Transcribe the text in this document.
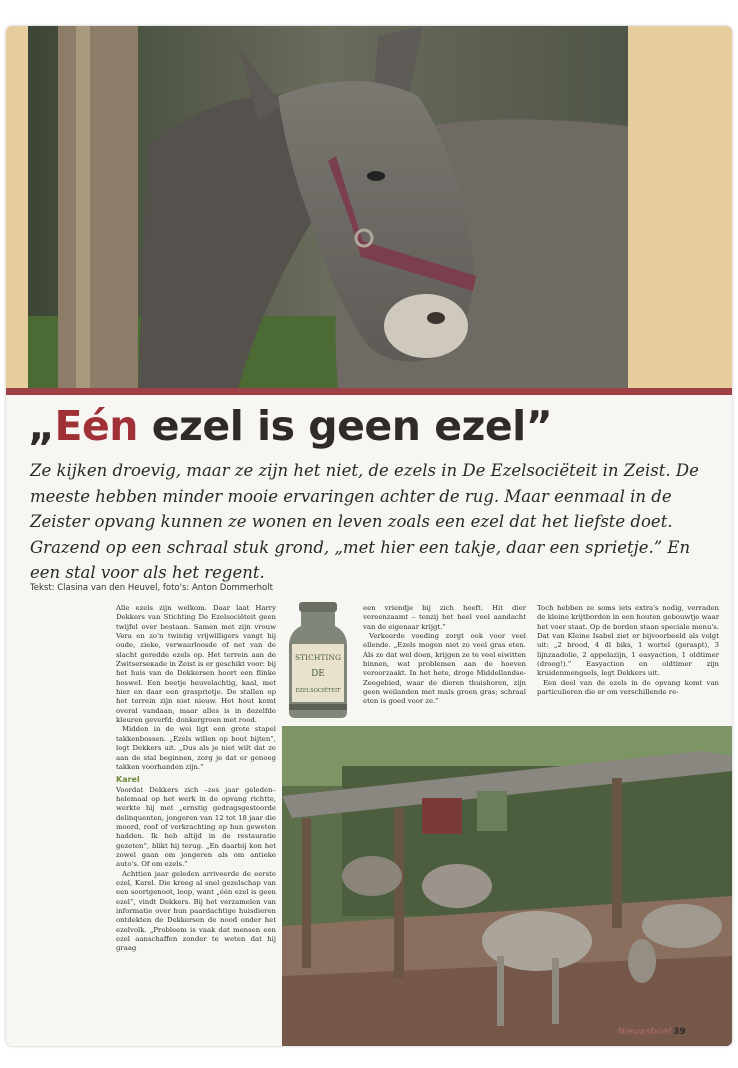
„Eén ezel is geen ezel”

Ze kijken droevig, maar ze zijn het niet, de ezels in De Ezelsociëteit in Zeist. De meeste hebben minder mooie ervaringen achter de rug. Maar eenmaal in de Zeister opvang kunnen ze wonen en leven zoals een ezel dat het liefste doet. Grazend op een schraal stuk grond, „met hier een takje, daar een sprietje.” En een stal voor als het regent.

Tekst: Clasina van den Heuvel, foto's: Anton Dommerholt

Alle ezels zijn welkom. Daar laat Harry Dekkers van Stichting De Ezelsociëteit geen twijfel over bestaan. Samen met zijn vrouw Vera en zo'n twintig vrijwilligers vangt hij oude, zieke, verwaarloosde of net van de slacht geredde ezels op. Het terrein aan de Zwitserseкade in Zeist is er geschikt voor: bij het huis van de Dekkersen hoort een flinke bosweI. Een beetje heuvelachtig, kaal, met hier en daar een grasprietje. De stallen op het terrein zijn niet nieuw. Het hout komt overal vandaan, maar alles is in dezelfde kleuren geverfd: donkergroen met rood.

Midden in de wei ligt een grote stapel takkenbossen. „Ezels willen op bout bijten”, legt Dekkers uit. „Dus als je niet wilt dat ze aan de stal beginnen, zorg je dat er genoeg takken voorhanden zijn.”

Karel

Voordat Dekkers zich –zes jaar geleden– helemaal op het werk in de opvang richtte, werkte hij met „ernstig gedragsgestoorde delinquenten, jongeren van 12 tot 18 jaar die moord, roof of verkrachting op hun geweten hadden. Ik heb altijd in de restauratie gezeten”, blikt hij terug. „En daarbij kon het zowel gaan om jongeren als om antieke auto's. Of om ezels.”

Achttien jaar geleden arriveerde de eerste ezel, Karel. Die kreeg al snel gezelschap van een soortgenoot, loop, want „één ezel is geen ezel”, vindt Dekkers. Bij het verzamelen van informatie over hun paardachtige huisdieren ontdekten de Dekkersen de nood onder het ezelvolk. „Probleem is vaak dat mensen een ezel aanschaffen zonder te weten dat hij graag

STICHTING
DE
EZELSOCIËTEIT

een vriendje bij zich heeft. Hit dier vereenzaamt – tenzij het heel veel aandacht van de eigenaar krijgt.”

Verkeerde voeding zorgt ook voor veel ellende. „Ezels mogen niet zo veel gras eten. Als ze dat wel doen, krijgen ze te veel eiwitten binnen, wat problemen aan de hoeven veroorzaakt. In het hete, droge Middellandse-Zeegebied, waar de dieren thuishoren, zijn geen weilanden met mals groen gras; schraal eten is goed voor ze.”

Toch hebben ze soms iets extra's nodig, verraden de kleine krijtborden in een houten gebouwtje waar het voer staat. Op de borden staan speciale menu's. Dat van Kleine Isabel ziet er bijvoorbeeld als volgt uit: „2 brood, 4 dl biks, 1 wortel (geraspt), 3 lijnzaadolie, 2 appelazijn, 1 easyaction, 1 oldtimer (droog!).” Easyaction en oldtimer zijn kruidenmengsels, legt Dekkers uit.

Een deel van de ezels in de opvang komt van particulieren die er om verschillende re-

Nieuwsbrief 39
